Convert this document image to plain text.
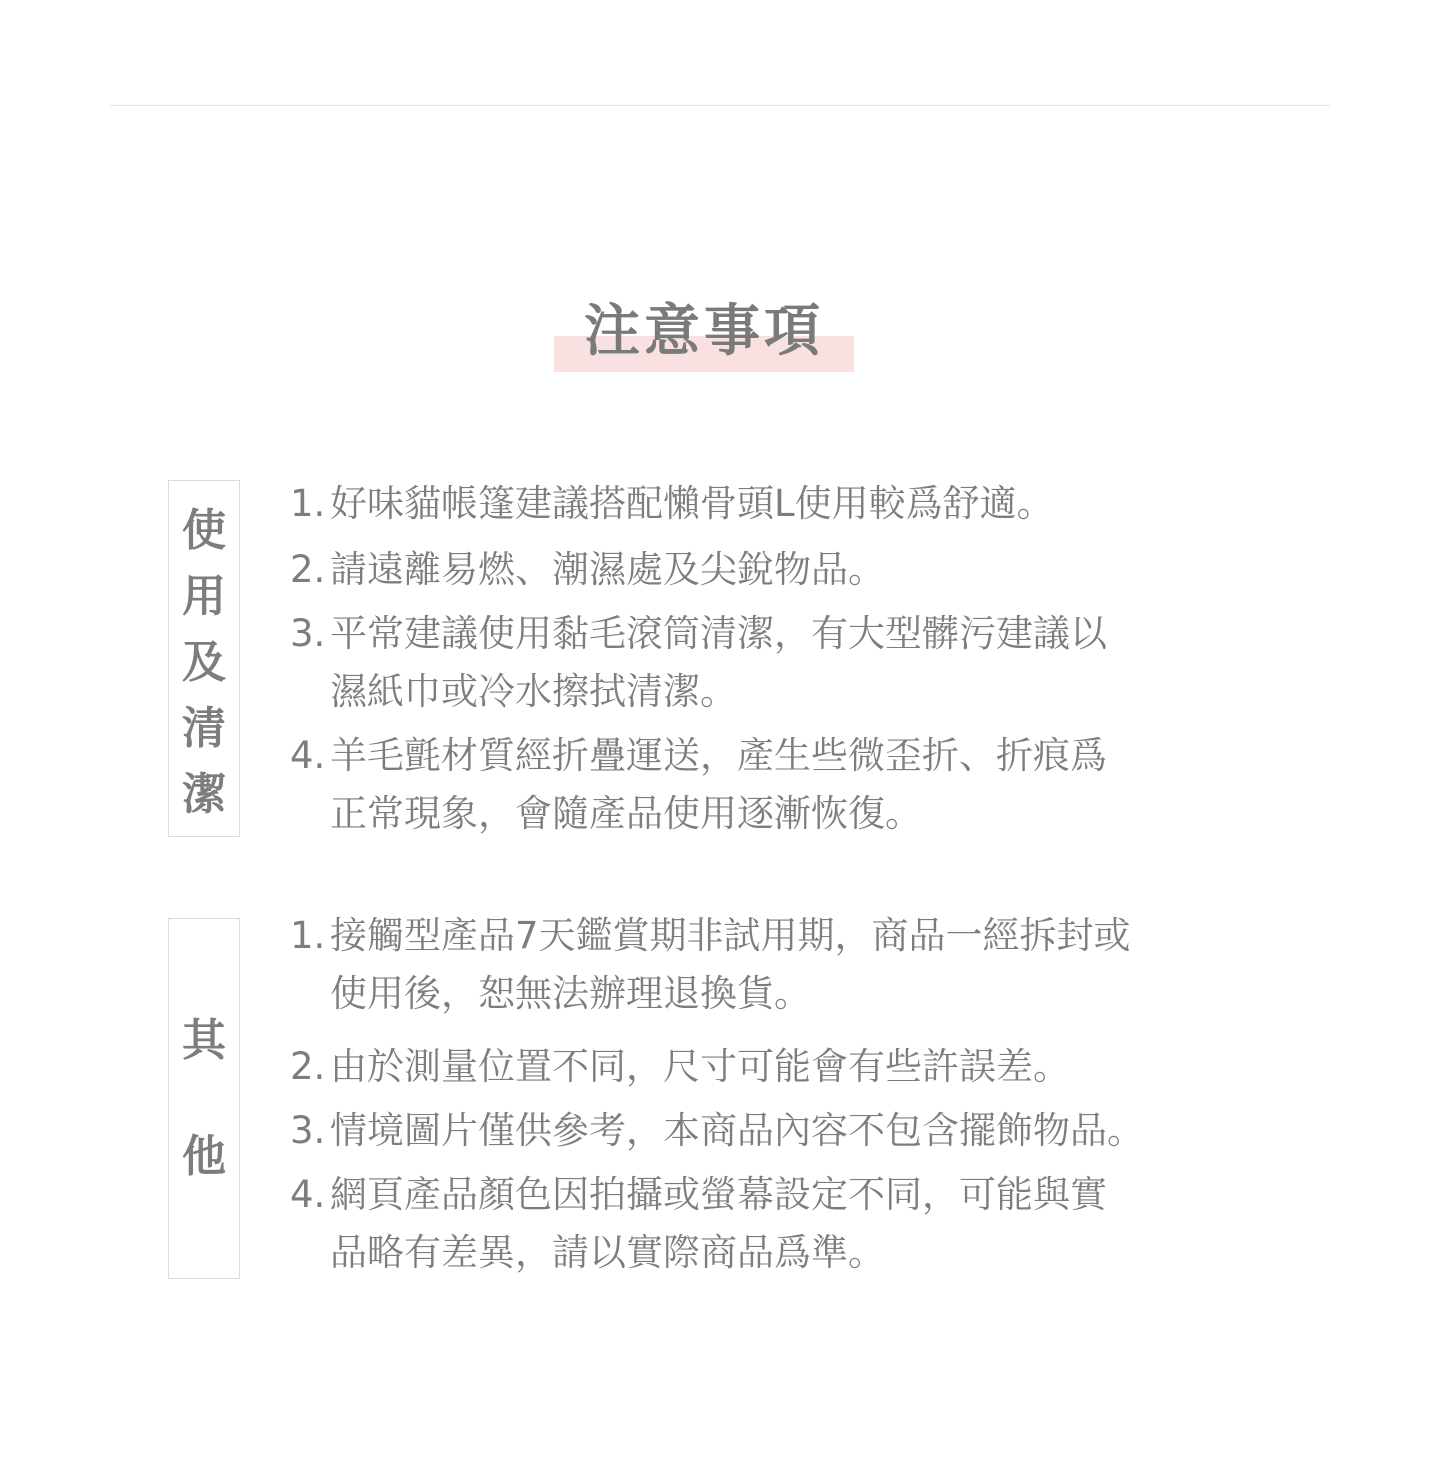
注意事項
使
用
及
清
潔
1. 好味貓帳篷建議搭配懶骨頭L使用較爲舒適。
2. 請遠離易燃、潮濕處及尖銳物品。
3. 平常建議使用黏毛滾筒清潔，有大型髒污建議以
濕紙巾或冷水擦拭清潔。
4. 羊毛氈材質經折疊運送，產生些微歪折、折痕爲
正常現象，會隨產品使用逐漸恢復。
其
他
1. 接觸型產品7天鑑賞期非試用期，商品一經拆封或
使用後，恕無法辦理退換貨。
2. 由於測量位置不同，尺寸可能會有些許誤差。
3. 情境圖片僅供參考，本商品內容不包含擺飾物品。
4. 網頁產品顏色因拍攝或螢幕設定不同，可能與實
品略有差異，請以實際商品爲準。
